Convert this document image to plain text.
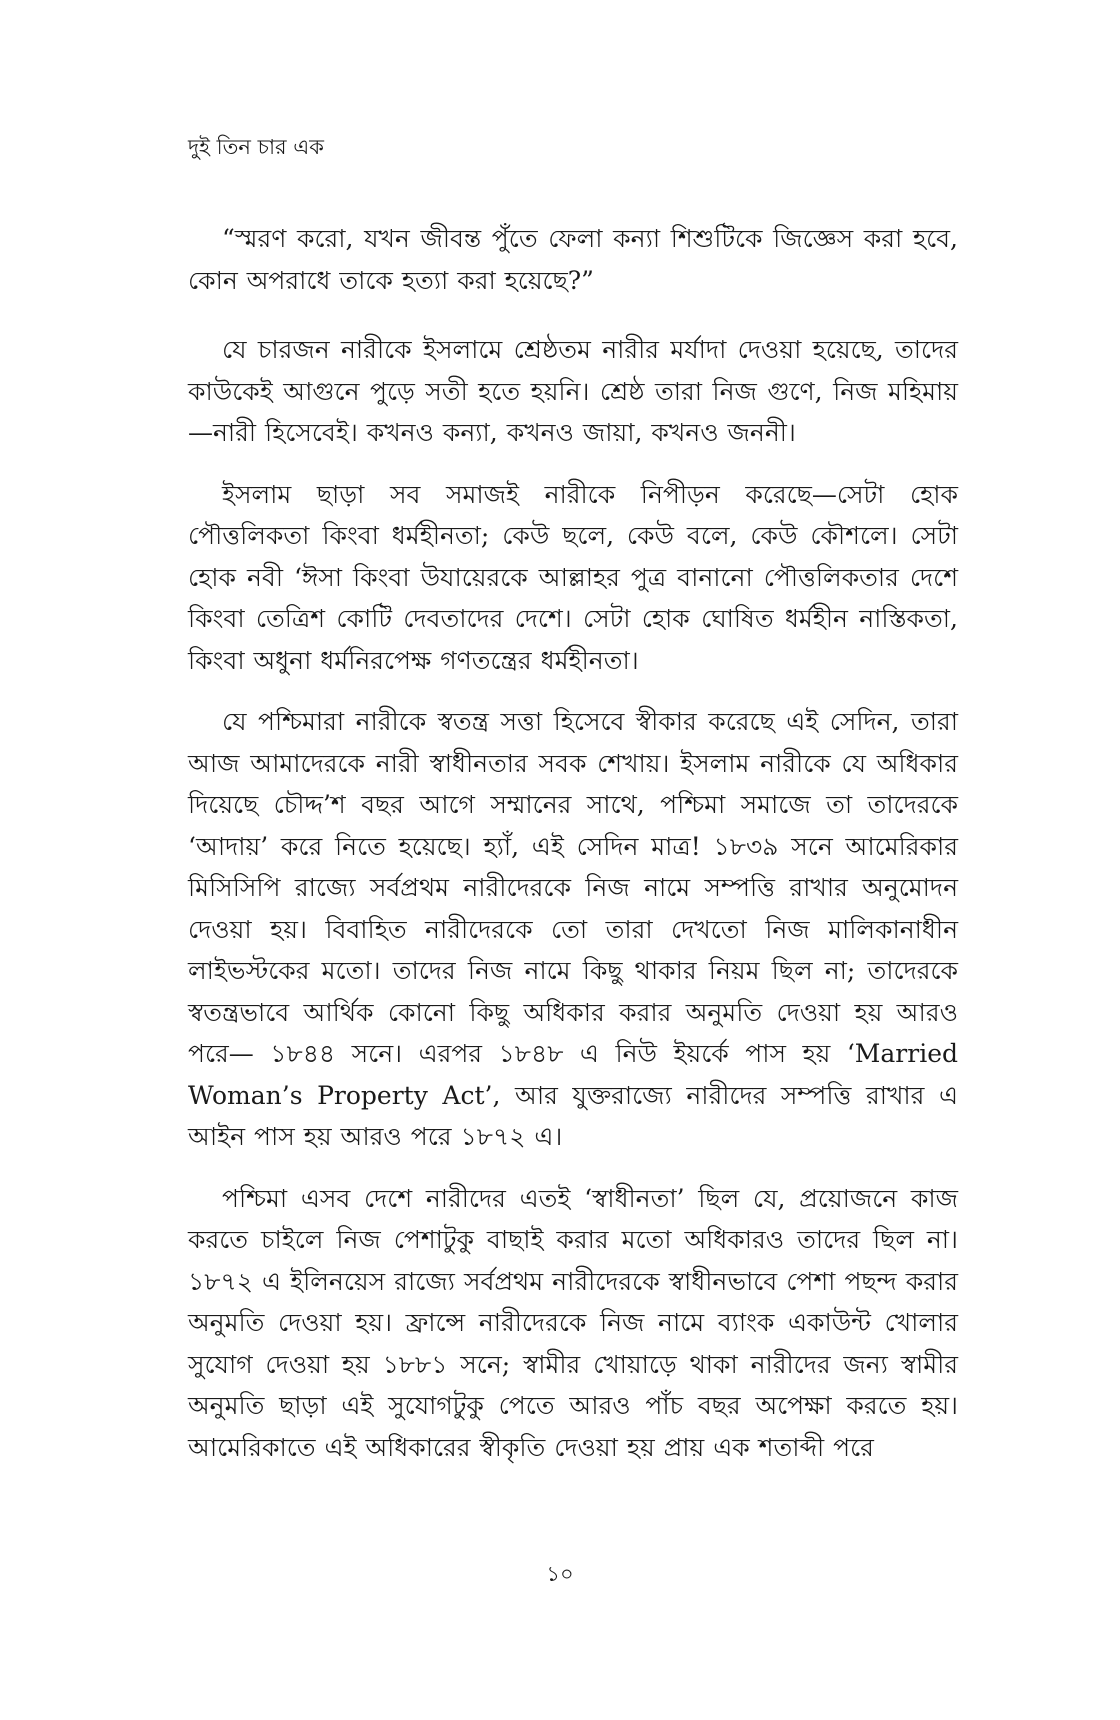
দুই তিন চার এক

“স্মরণ করো, যখন জীবন্ত পুঁতে ফেলা কন্যা শিশুটিকে জিজ্ঞেস করা হবে, কোন অপরাধে তাকে হত্যা করা হয়েছে?”

যে চারজন নারীকে ইসলামে শ্রেষ্ঠতম নারীর মর্যাদা দেওয়া হয়েছে, তাদের কাউকেই আগুনে পুড়ে সতী হতে হয়নি। শ্রেষ্ঠ তারা নিজ গুণে, নিজ মহিমায়—নারী হিসেবেই। কখনও কন্যা, কখনও জায়া, কখনও জননী।

ইসলাম ছাড়া সব সমাজই নারীকে নিপীড়ন করেছে—সেটা হোক পৌত্তলিকতা কিংবা ধর্মহীনতা; কেউ ছলে, কেউ বলে, কেউ কৌশলে। সেটা হোক নবী ‘ঈসা কিংবা উযায়েরকে আল্লাহর পুত্র বানানো পৌত্তলিকতার দেশে কিংবা তেত্রিশ কোটি দেবতাদের দেশে। সেটা হোক ঘোষিত ধর্মহীন নাস্তিকতা, কিংবা অধুনা ধর্মনিরপেক্ষ গণতন্ত্রের ধর্মহীনতা।

যে পশ্চিমারা নারীকে স্বতন্ত্র সত্তা হিসেবে স্বীকার করেছে এই সেদিন, তারা আজ আমাদেরকে নারী স্বাধীনতার সবক শেখায়। ইসলাম নারীকে যে অধিকার দিয়েছে চৌদ্দ’শ বছর আগে সম্মানের সাথে, পশ্চিমা সমাজে তা তাদেরকে ‘আদায়’ করে নিতে হয়েছে। হ্যাঁ, এই সেদিন মাত্র! ১৮৩৯ সনে আমেরিকার মিসিসিপি রাজ্যে সর্বপ্রথম নারীদেরকে নিজ নামে সম্পত্তি রাখার অনুমোদন দেওয়া হয়। বিবাহিত নারীদেরকে তো তারা দেখতো নিজ মালিকানাধীন লাইভস্টকের মতো। তাদের নিজ নামে কিছু থাকার নিয়ম ছিল না; তাদেরকে স্বতন্ত্রভাবে আর্থিক কোনো কিছু অধিকার করার অনুমতি দেওয়া হয় আরও পরে— ১৮৪৪ সনে। এরপর ১৮৪৮ এ নিউ ইয়র্কে পাস হয় ‘Married Woman’s Property Act’, আর যুক্তরাজ্যে নারীদের সম্পত্তি রাখার এ আইন পাস হয় আরও পরে ১৮৭২ এ।

পশ্চিমা এসব দেশে নারীদের এতই ‘স্বাধীনতা’ ছিল যে, প্রয়োজনে কাজ করতে চাইলে নিজ পেশাটুকু বাছাই করার মতো অধিকারও তাদের ছিল না। ১৮৭২ এ ইলিনয়েস রাজ্যে সর্বপ্রথম নারীদেরকে স্বাধীনভাবে পেশা পছন্দ করার অনুমতি দেওয়া হয়। ফ্রান্সে নারীদেরকে নিজ নামে ব্যাংক একাউন্ট খোলার সুযোগ দেওয়া হয় ১৮৮১ সনে; স্বামীর খোয়াড়ে থাকা নারীদের জন্য স্বামীর অনুমতি ছাড়া এই সুযোগটুকু পেতে আরও পাঁচ বছর অপেক্ষা করতে হয়। আমেরিকাতে এই অধিকারের স্বীকৃতি দেওয়া হয় প্রায় এক শতাব্দী পরে

১০
